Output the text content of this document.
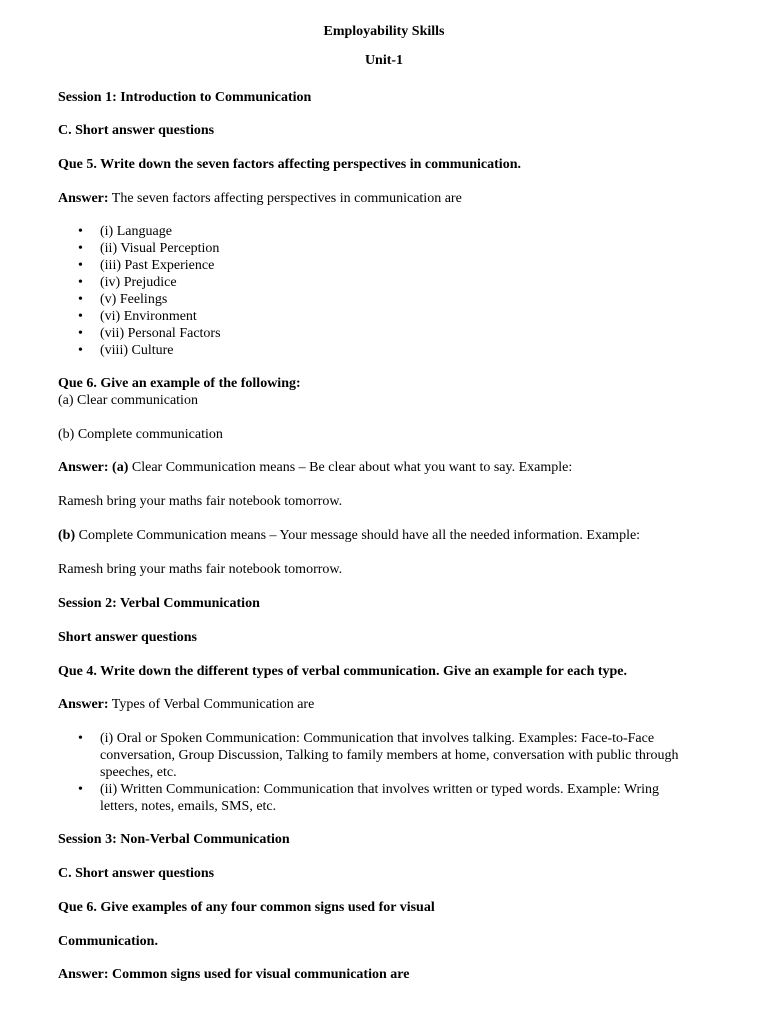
Employability Skills
Unit-1
Session 1: Introduction to Communication
C. Short answer questions
Que 5. Write down the seven factors affecting perspectives in communication.
Answer: The seven factors affecting perspectives in communication are
• (i) Language
• (ii) Visual Perception
• (iii) Past Experience
• (iv) Prejudice
• (v) Feelings
• (vi) Environment
• (vii) Personal Factors
• (viii) Culture
Que 6. Give an example of the following:
(a) Clear communication
(b) Complete communication
Answer: (a) Clear Communication means – Be clear about what you want to say. Example:
Ramesh bring your maths fair notebook tomorrow.
(b) Complete Communication means – Your message should have all the needed information. Example:
Ramesh bring your maths fair notebook tomorrow.
Session 2: Verbal Communication
Short answer questions
Que 4. Write down the different types of verbal communication. Give an example for each type.
Answer: Types of Verbal Communication are
• (i) Oral or Spoken Communication: Communication that involves talking. Examples: Face-to-Face conversation, Group Discussion, Talking to family members at home, conversation with public through speeches, etc.
• (ii) Written Communication: Communication that involves written or typed words. Example: Wring letters, notes, emails, SMS, etc.
Session 3: Non-Verbal Communication
C. Short answer questions
Que 6. Give examples of any four common signs used for visual
Communication.
Answer: Common signs used for visual communication are
